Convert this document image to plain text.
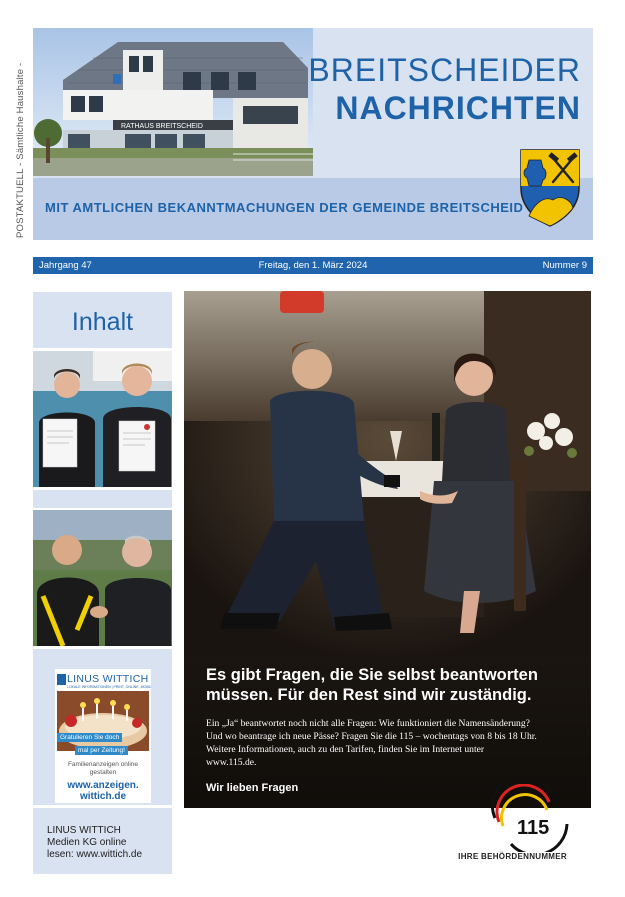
POSTAKTUELL - Sämtliche Haushalte -	RATHAUS BREITSCHEID
BREITSCHEIDER
NACHRICHTEN
MIT AMTLICHEN BEKANNTMACHUNGEN DER GEMEINDE BREITSCHEID
Jahrgang 47	Freitag, den 1. März 2024	Nummer 9
Inhalt
LINUS WITTICH
LOKALE INFORMATIONEN | PRINT, ONLINE, MOBIL
Gratulieren Sie doch
mal per Zeitung!
Familienanzeigen online gestalten
www.anzeigen.
wittich.de
LINUS WITTICH
Medien KG online
lesen: www.wittich.de
Es gibt Fragen, die Sie selbst beantworten
müssen. Für den Rest sind wir zuständig.
Ein „Ja“ beantwortet noch nicht alle Fragen: Wie funktioniert die Namensänderung?
Und wo beantrage ich neue Pässe? Fragen Sie die 115 – wochentags von 8 bis 18 Uhr.
Weitere Informationen, auch zu den Tarifen, finden Sie im Internet unter
www.115.de.
Wir lieben Fragen
115
IHRE BEHÖRDENNUMMER
